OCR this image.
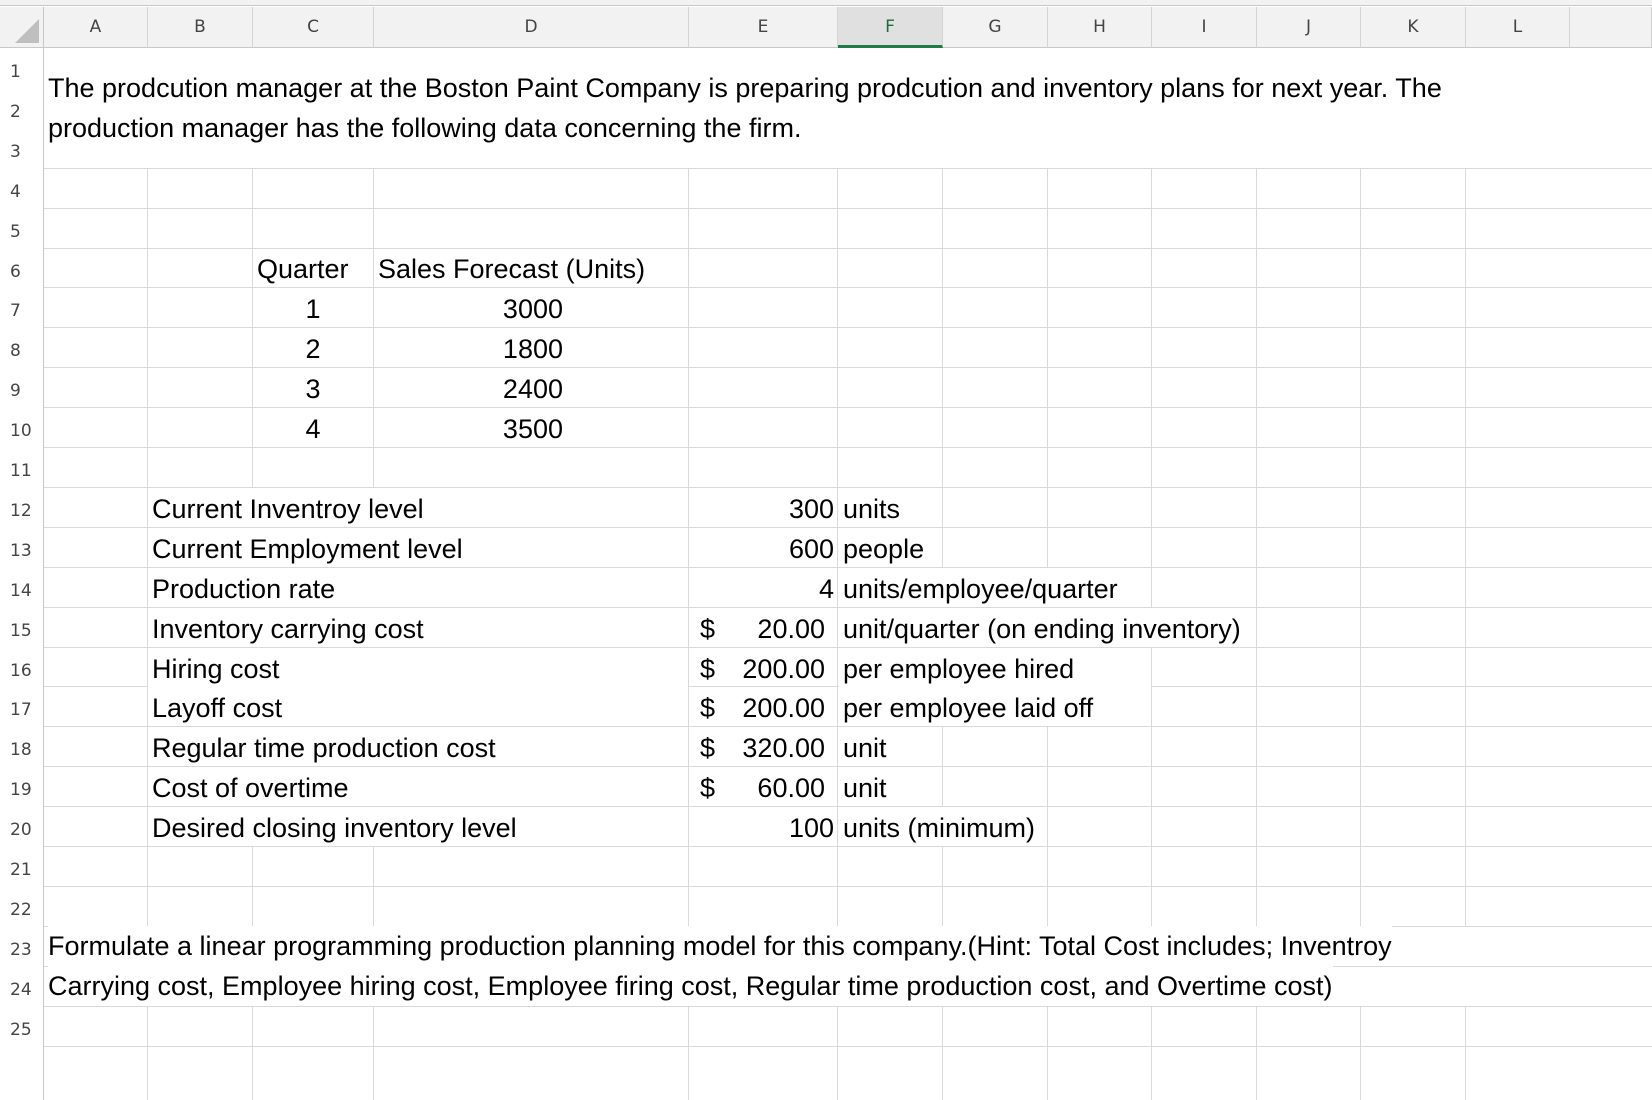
A	B	C	D	E	F	G	H	I	J	K	L
1
2
3
4
5
6
7
8
9
10
11
12
13
14
15
16
17
18
19
20
21
22
23
24
25
The prodcution manager at the Boston Paint Company is preparing prodcution and inventory plans for next year. The
production manager has the following data concerning the firm.
Quarter Sales Forecast (Units)
1	3000
2	1800
3	2400
4	3500
Current Inventroy level	300 units
Current Employment level	600 people
Production rate	4 units/employee/quarter
Inventory carrying cost	$	20.00 unit/quarter (on ending inventory)
Hiring cost	$	200.00 per employee hired
Layoff cost	$	200.00 per employee laid off
Regular time production cost	$	320.00 unit
Cost of overtime	$	60.00 unit
Desired closing inventory level	100 units (minimum)
Formulate a linear programming production planning model for this company.(Hint: Total Cost includes; Inventroy
Carrying cost, Employee hiring cost, Employee firing cost, Regular time production cost, and Overtime cost)
